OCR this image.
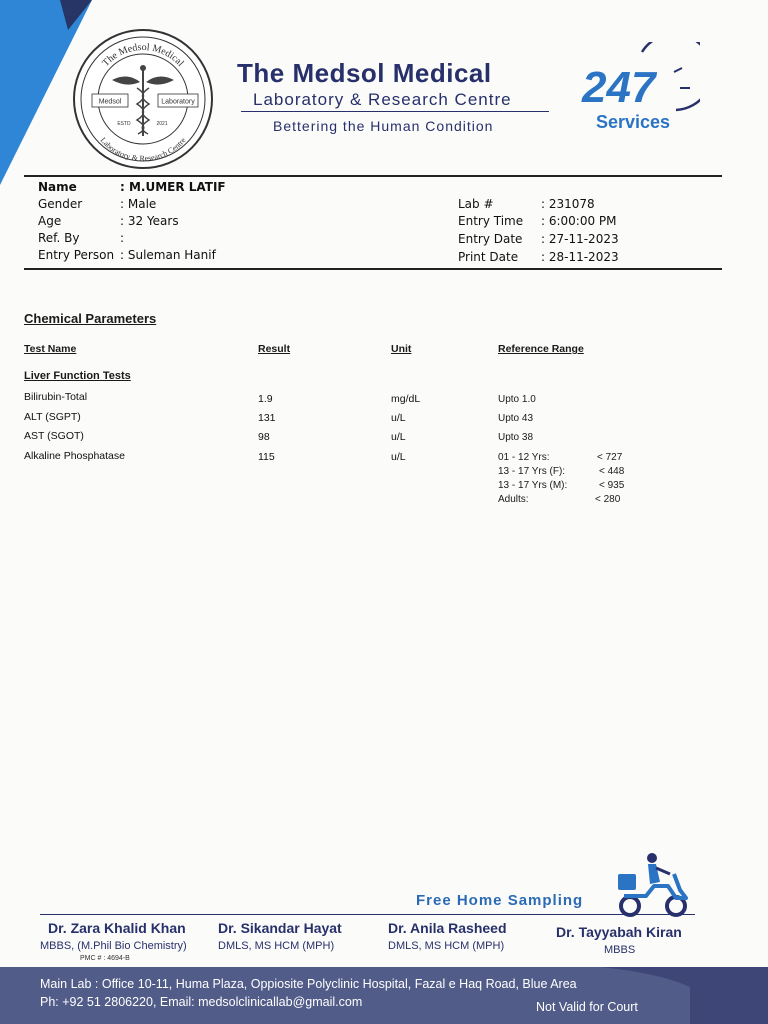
The Medsol Medical
Laboratory & Research Centre
Medsol	Laboratory
ESTD	2021
The Medsol Medical
Laboratory & Research Centre
Bettering the Human Condition
247
Services
Name	: M.UMER LATIF
Gender	: Male
Age	: 32 Years
Ref. By	:
Entry Person : Suleman Hanif
Lab #	: 231078
Entry Time : 6:00:00 PM
Entry Date : 27-11-2023
Print Date : 28-11-2023
Chemical Parameters
Test Name	Result	Unit	Reference Range
Liver Function Tests
Bilirubin-Total	1.9	mg/dL	Upto 1.0
ALT (SGPT)	131	u/L	Upto 43
AST (SGOT)	98	u/L	Upto 38
Alkaline Phosphatase	115	u/L	01 - 12 Yrs:	< 727
13 - 17 Yrs (F):	< 448
13 - 17 Yrs (M):	< 935
Adults:	< 280
Free Home Sampling
Dr. Zara Khalid Khan
MBBS, (M.Phil Bio Chemistry)
PMC # : 4694-B
Dr. Sikandar Hayat
DMLS, MS HCM (MPH)
Dr. Anila Rasheed
DMLS, MS HCM (MPH)
Dr. Tayyabah Kiran
MBBS
Main Lab : Office 10-11, Huma Plaza, Oppiosite Polyclinic Hospital, Fazal e Haq Road, Blue Area
Ph: +92 51 2806220, Email: medsolclinicallab@gmail.com	Not Valid for Court
